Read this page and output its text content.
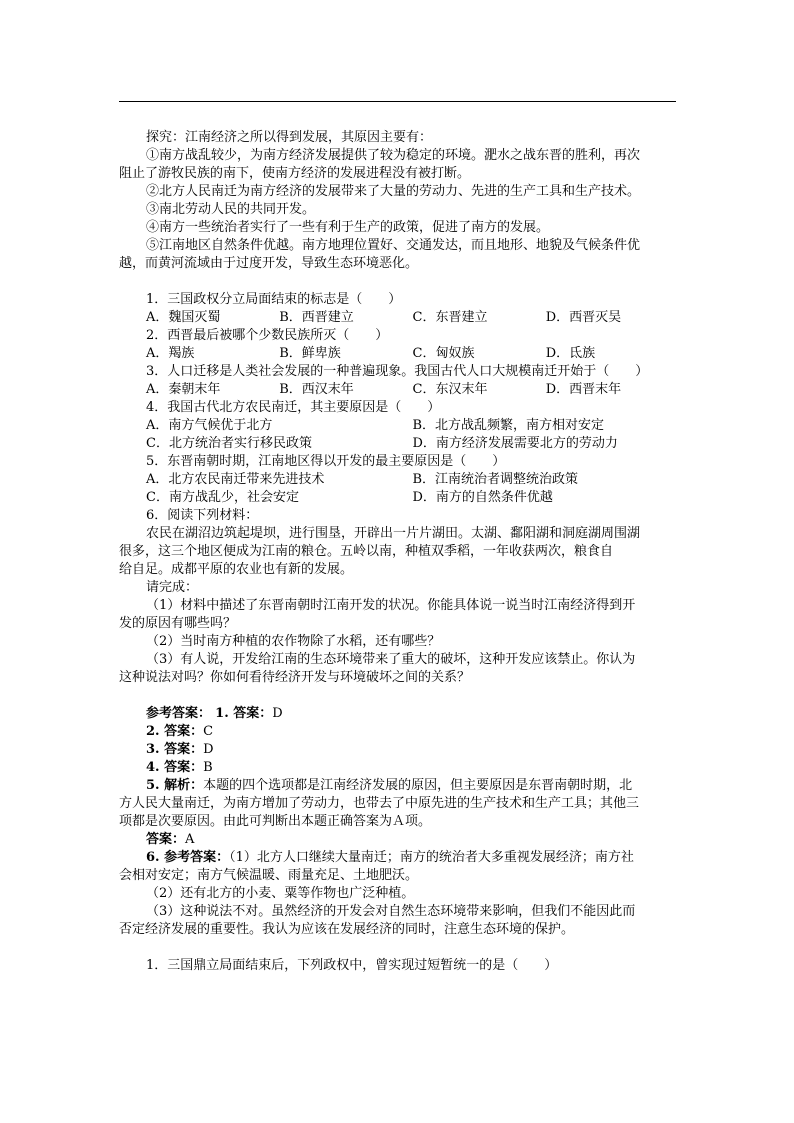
探究：江南经济之所以得到发展，其原因主要有：

①南方战乱较少，为南方经济发展提供了较为稳定的环境。淝水之战东晋的胜利，再次

阻止了游牧民族的南下，使南方经济的发展进程没有被打断。

②北方人民南迁为南方经济的发展带来了大量的劳动力、先进的生产工具和生产技术。

③南北劳动人民的共同开发。

④南方一些统治者实行了一些有利于生产的政策，促进了南方的发展。

⑤江南地区自然条件优越。南方地理位置好、交通发达，而且地形、地貌及气候条件优

越，而黄河流域由于过度开发，导致生态环境恶化。

1．三国政权分立局面结束的标志是（　　）

A．魏国灭蜀	B．西晋建立	C．东晋建立	D．西晋灭吴

2．西晋最后被哪个少数民族所灭（　　）

A．羯族	B．鲜卑族	C．匈奴族	D．氐族

3．人口迁移是人类社会发展的一种普遍现象。我国古代人口大规模南迁开始于（　　）

A．秦朝末年	B．西汉末年	C．东汉末年	D．西晋末年

4．我国古代北方农民南迁，其主要原因是（　　）

A．南方气候优于北方	B．北方战乱频繁，南方相对安定
C．北方统治者实行移民政策	D．南方经济发展需要北方的劳动力

5．东晋南朝时期，江南地区得以开发的最主要原因是（　　）

A．北方农民南迁带来先进技术	B．江南统治者调整统治政策
C．南方战乱少，社会安定	D．南方的自然条件优越

6．阅读下列材料：

农民在湖沼边筑起堤坝，进行围垦，开辟出一片片湖田。太湖、鄱阳湖和洞庭湖周围湖

很多，这三个地区便成为江南的粮仓。五岭以南，种植双季稻，一年收获两次，粮食自

给自足。成都平原的农业也有新的发展。

请完成：

（1）材料中描述了东晋南朝时江南开发的状况。你能具体说一说当时江南经济得到开

发的原因有哪些吗？

（2）当时南方种植的农作物除了水稻，还有哪些？

（3）有人说，开发给江南的生态环境带来了重大的破坏，这种开发应该禁止。你认为

这种说法对吗？你如何看待经济开发与环境破坏之间的关系？

参考答案： 1. 答案：D

2. 答案：C

3. 答案：D

4. 答案：B

5. 解析：本题的四个选项都是江南经济发展的原因，但主要原因是东晋南朝时期，北

方人民大量南迁，为南方增加了劳动力，也带去了中原先进的生产技术和生产工具；其他三

项都是次要原因。由此可判断出本题正确答案为Ａ项。

答案：A

6. 参考答案：（1）北方人口继续大量南迁；南方的统治者大多重视发展经济；南方社

会相对安定；南方气候温暖、雨量充足、土地肥沃。

（2）还有北方的小麦、粟等作物也广泛种植。

（3）这种说法不对。虽然经济的开发会对自然生态环境带来影响，但我们不能因此而

否定经济发展的重要性。我认为应该在发展经济的同时，注意生态环境的保护。

1．三国鼎立局面结束后，下列政权中，曾实现过短暂统一的是（　　）
